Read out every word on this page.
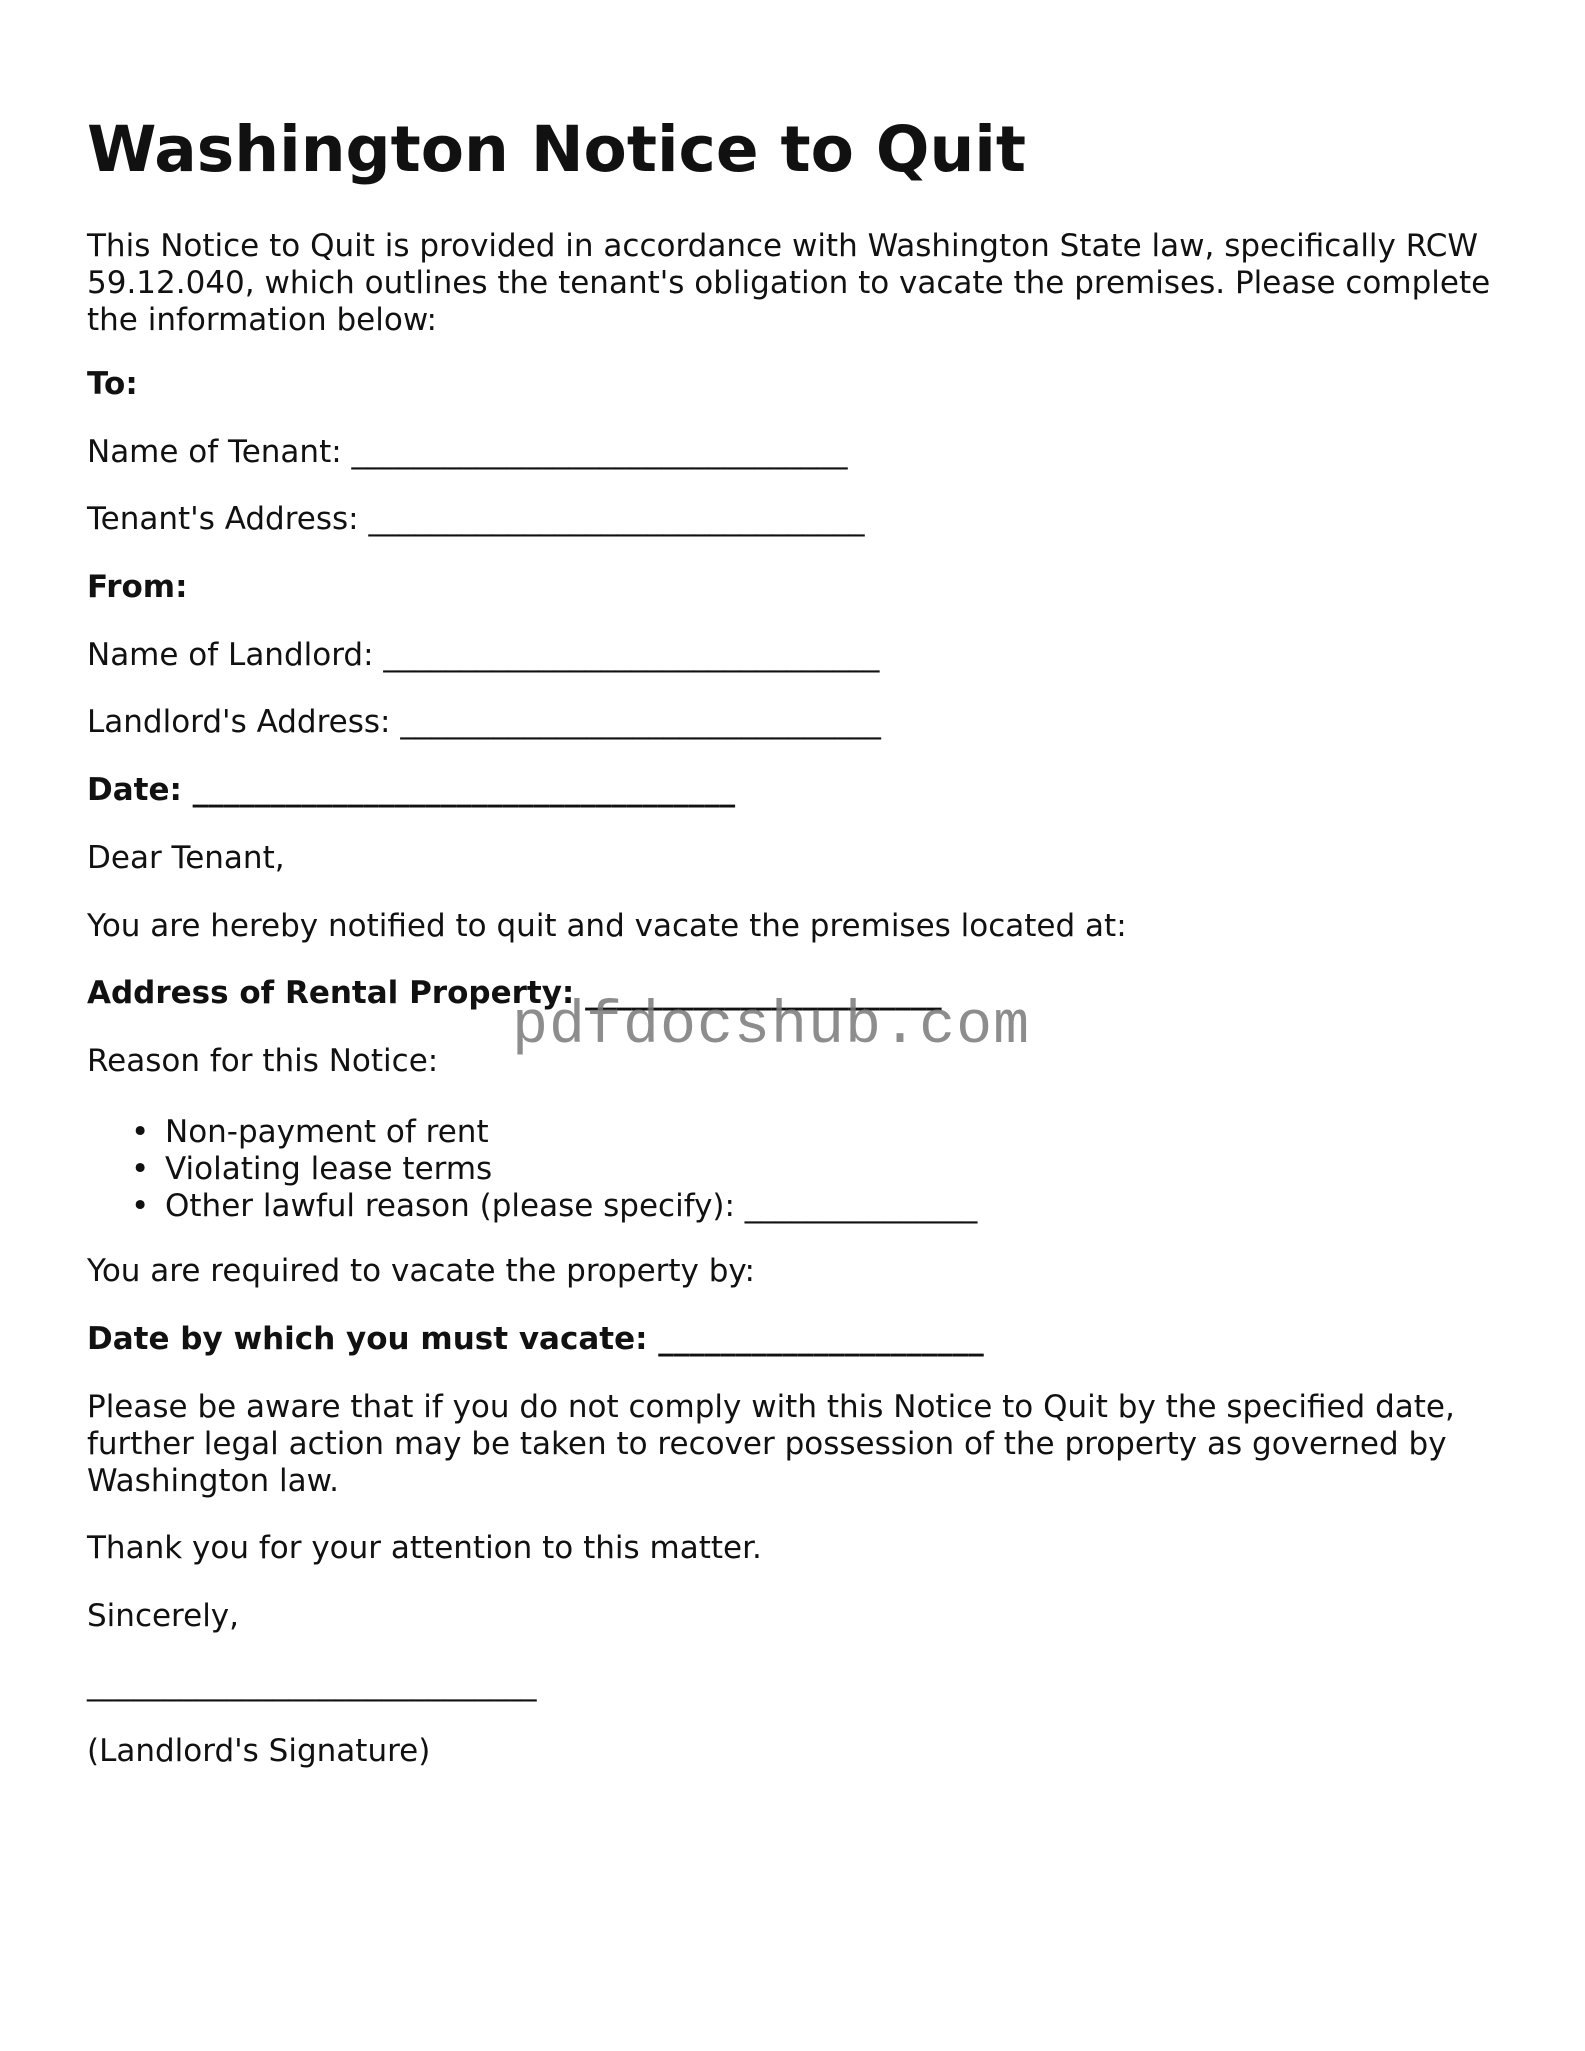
Washington Notice to Quit

This Notice to Quit is provided in accordance with Washington State law, specifically RCW 59.12.040, which outlines the tenant's obligation to vacate the premises. Please complete the information below:

To:

Name of Tenant: ________________________________

Tenant's Address: ________________________________

From:

Name of Landlord: ________________________________

Landlord's Address: _______________________________

Date: ___________________________________

Dear Tenant,

You are hereby notified to quit and vacate the premises located at:

Address of Rental Property: _______________________

Reason for this Notice:

• Non-payment of rent
• Violating lease terms
• Other lawful reason (please specify): _______________

You are required to vacate the property by:

Date by which you must vacate: _____________________

Please be aware that if you do not comply with this Notice to Quit by the specified date, further legal action may be taken to recover possession of the property as governed by Washington law.

Thank you for your attention to this matter.

Sincerely,

_____________________________

(Landlord's Signature)

pdfdocshub.com
